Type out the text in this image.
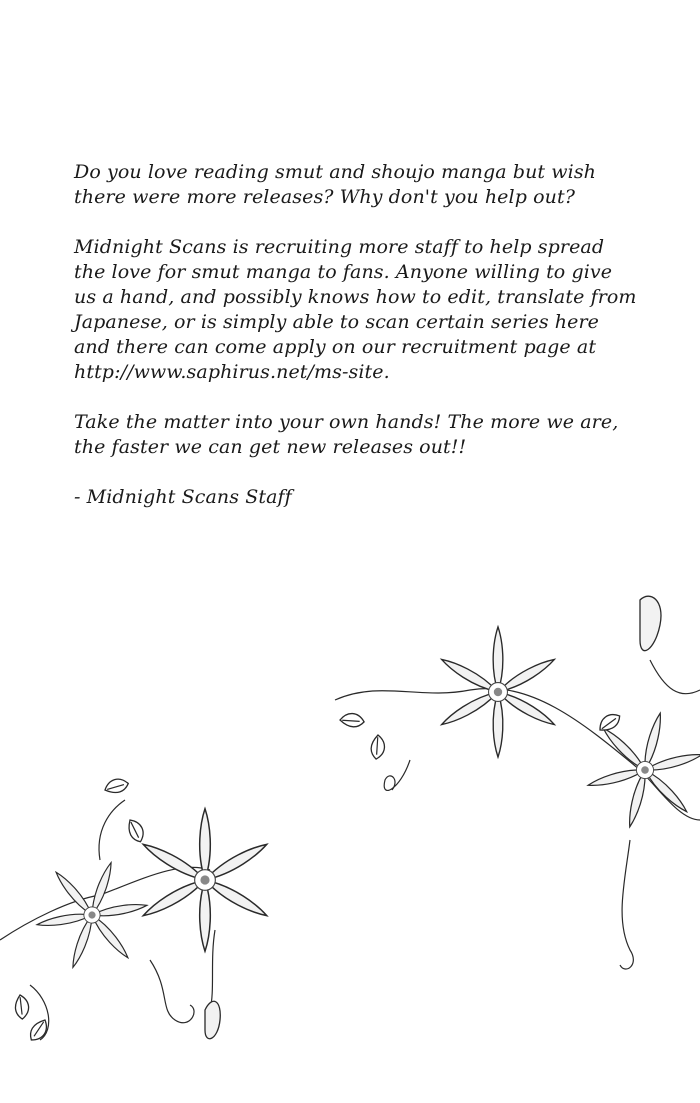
Do you love reading smut and shoujo manga but wish
there were more releases? Why don't you help out?

Midnight Scans is recruiting more staff to help spread
the love for smut manga to fans. Anyone willing to give
us a hand, and possibly knows how to edit, translate from
Japanese, or is simply able to scan certain series here
and there can come apply on our recruitment page at
http://www.saphirus.net/ms-site.

Take the matter into your own hands! The more we are,
the faster we can get new releases out!!

- Midnight Scans Staff
